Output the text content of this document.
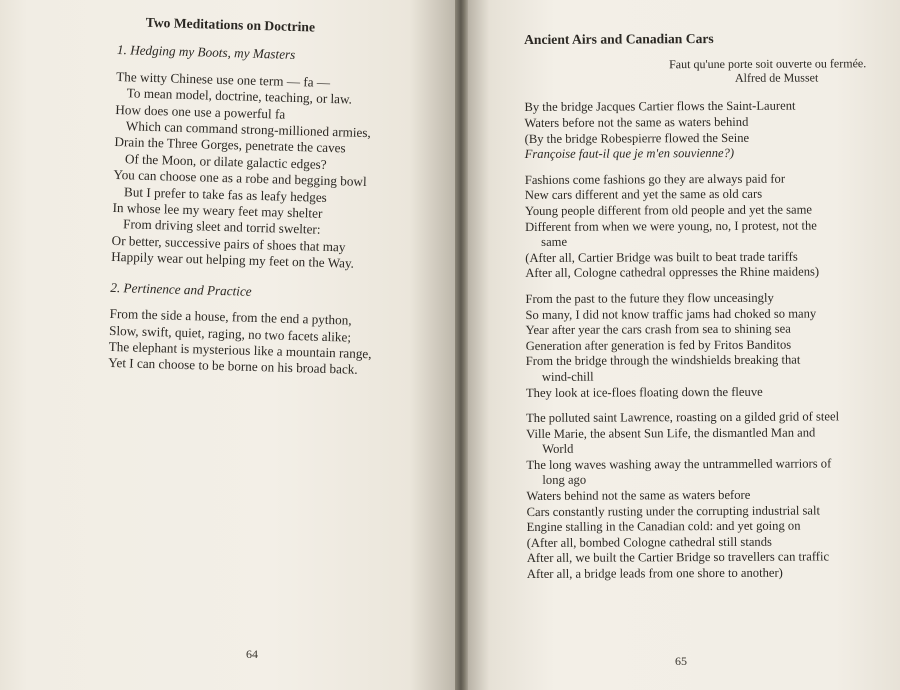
Two Meditations on Doctrine
1. Hedging my Boots, my Masters
The witty Chinese use one term — fa —
To mean model, doctrine, teaching, or law.
How does one use a powerful fa
Which can command strong-millioned armies,
Drain the Three Gorges, penetrate the caves
Of the Moon, or dilate galactic edges?
You can choose one as a robe and begging bowl
But I prefer to take fas as leafy hedges
In whose lee my weary feet may shelter
From driving sleet and torrid swelter:
Or better, successive pairs of shoes that may
Happily wear out helping my feet on the Way.
2. Pertinence and Practice
From the side a house, from the end a python,
Slow, swift, quiet, raging, no two facets alike;
The elephant is mysterious like a mountain range,
Yet I can choose to be borne on his broad back.
Ancient Airs and Canadian Cars
Faut qu'une porte soit ouverte ou fermée.
Alfred de Musset
By the bridge Jacques Cartier flows the Saint-Laurent
Waters before not the same as waters behind
(By the bridge Robespierre flowed the Seine
Françoise faut-il que je m'en souvienne?)
Fashions come fashions go they are always paid for
New cars different and yet the same as old cars
Young people different from old people and yet the same
Different from when we were young, no, I protest, not the
same
(After all, Cartier Bridge was built to beat trade tariffs
After all, Cologne cathedral oppresses the Rhine maidens)
From the past to the future they flow unceasingly
So many, I did not know traffic jams had choked so many
Year after year the cars crash from sea to shining sea
Generation after generation is fed by Fritos Banditos
From the bridge through the windshields breaking that
wind-chill
They look at ice-floes floating down the fleuve
The polluted saint Lawrence, roasting on a gilded grid of steel
Ville Marie, the absent Sun Life, the dismantled Man and
World
The long waves washing away the untrammelled warriors of
long ago
Waters behind not the same as waters before
Cars constantly rusting under the corrupting industrial salt
Engine stalling in the Canadian cold: and yet going on
(After all, bombed Cologne cathedral still stands
After all, we built the Cartier Bridge so travellers can traffic
After all, a bridge leads from one shore to another)
64	65
